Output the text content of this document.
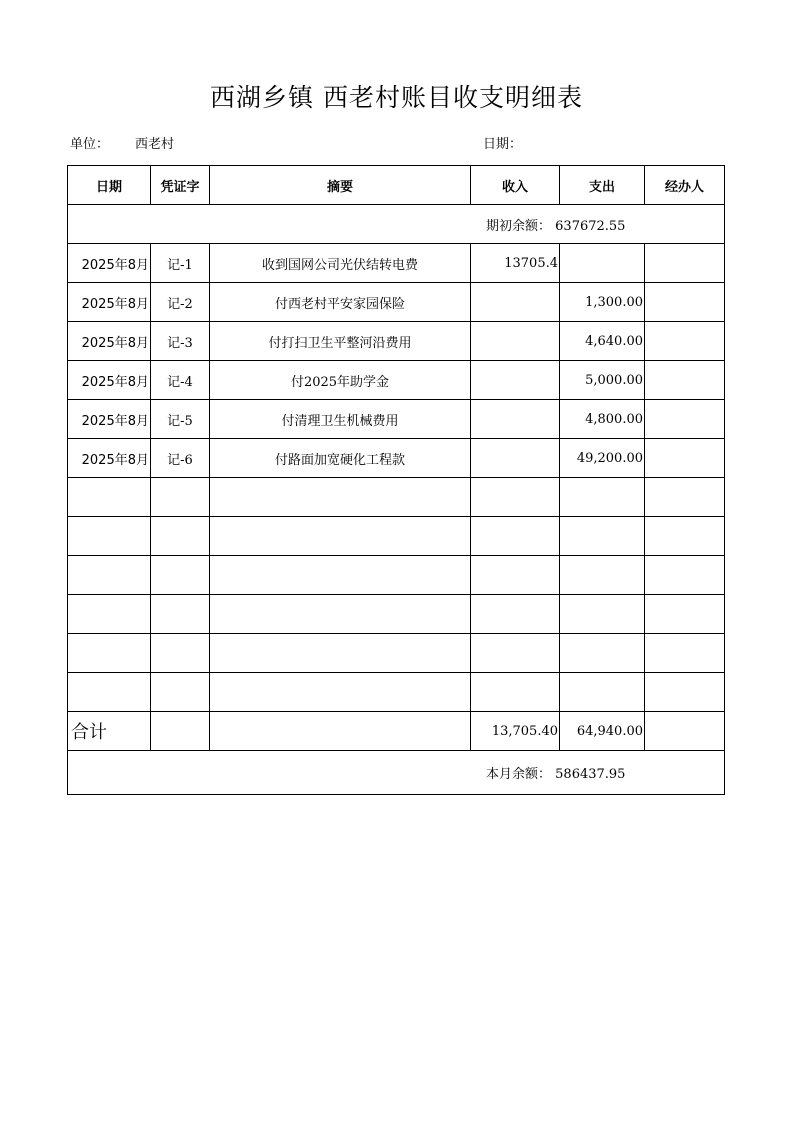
西湖乡镇 西老村账目收支明细表
单位： 西老村	日期：
日期	凭证字	摘要	收入	支出	经办人

期初余额： 637672.55					

2025年8月	记-1	收到国网公司光伏结转电费	13705.4		
2025年8月	记-2	付西老村平安家园保险		1,300.00	
2025年8月	记-3	付打扫卫生平整河沿费用		4,640.00	
2025年8月	记-4	付2025年助学金		5,000.00	
2025年8月	记-5	付清理卫生机械费用		4,800.00	
2025年8月	记-6	付路面加宽硬化工程款		49,200.00	

合计			13,705.40	64,940.00	

本月余额： 586437.95					
